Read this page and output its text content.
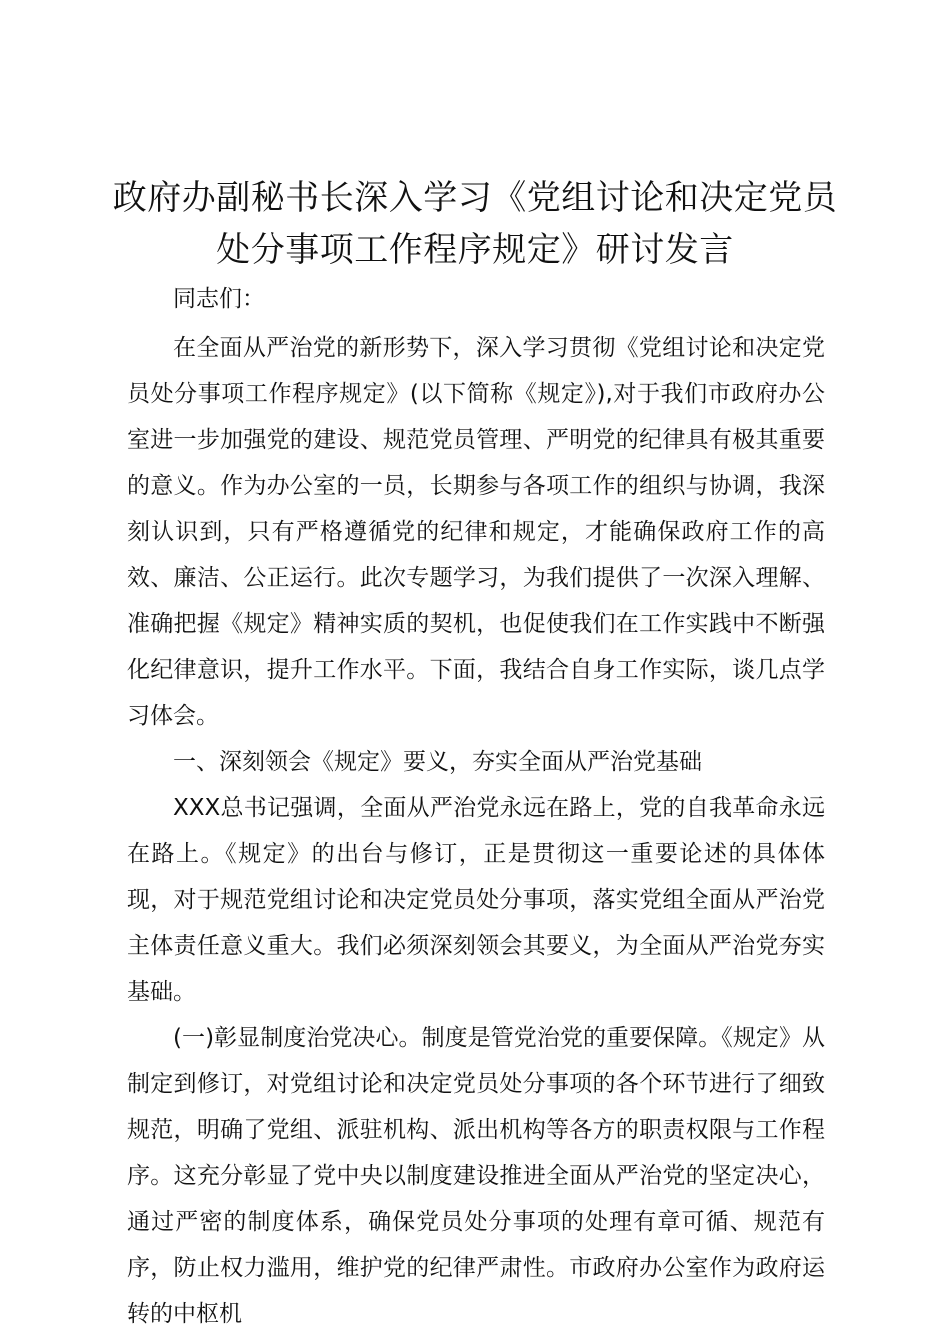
政府办副秘书长深入学习《党组讨论和决定党员处分事项工作程序规定》研讨发言

同志们：

在全面从严治党的新形势下，深入学习贯彻《党组讨论和决定党员处分事项工作程序规定》(以下简称《规定》),对于我们市政府办公室进一步加强党的建设、规范党员管理、严明党的纪律具有极其重要的意义。作为办公室的一员，长期参与各项工作的组织与协调，我深刻认识到，只有严格遵循党的纪律和规定，才能确保政府工作的高效、廉洁、公正运行。此次专题学习，为我们提供了一次深入理解、准确把握《规定》精神实质的契机，也促使我们在工作实践中不断强化纪律意识，提升工作水平。下面，我结合自身工作实际，谈几点学习体会。

一、深刻领会《规定》要义，夯实全面从严治党基础

XXX总书记强调，全面从严治党永远在路上，党的自我革命永远在路上。《规定》的出台与修订，正是贯彻这一重要论述的具体体现，对于规范党组讨论和决定党员处分事项，落实党组全面从严治党主体责任意义重大。我们必须深刻领会其要义，为全面从严治党夯实基础。

(一)彰显制度治党决心。制度是管党治党的重要保障。《规定》从制定到修订，对党组讨论和决定党员处分事项的各个环节进行了细致规范，明确了党组、派驻机构、派出机构等各方的职责权限与工作程序。这充分彰显了党中央以制度建设推进全面从严治党的坚定决心，通过严密的制度体系，确保党员处分事项的处理有章可循、规范有序，防止权力滥用，维护党的纪律严肃性。市政府办公室作为政府运转的中枢机
